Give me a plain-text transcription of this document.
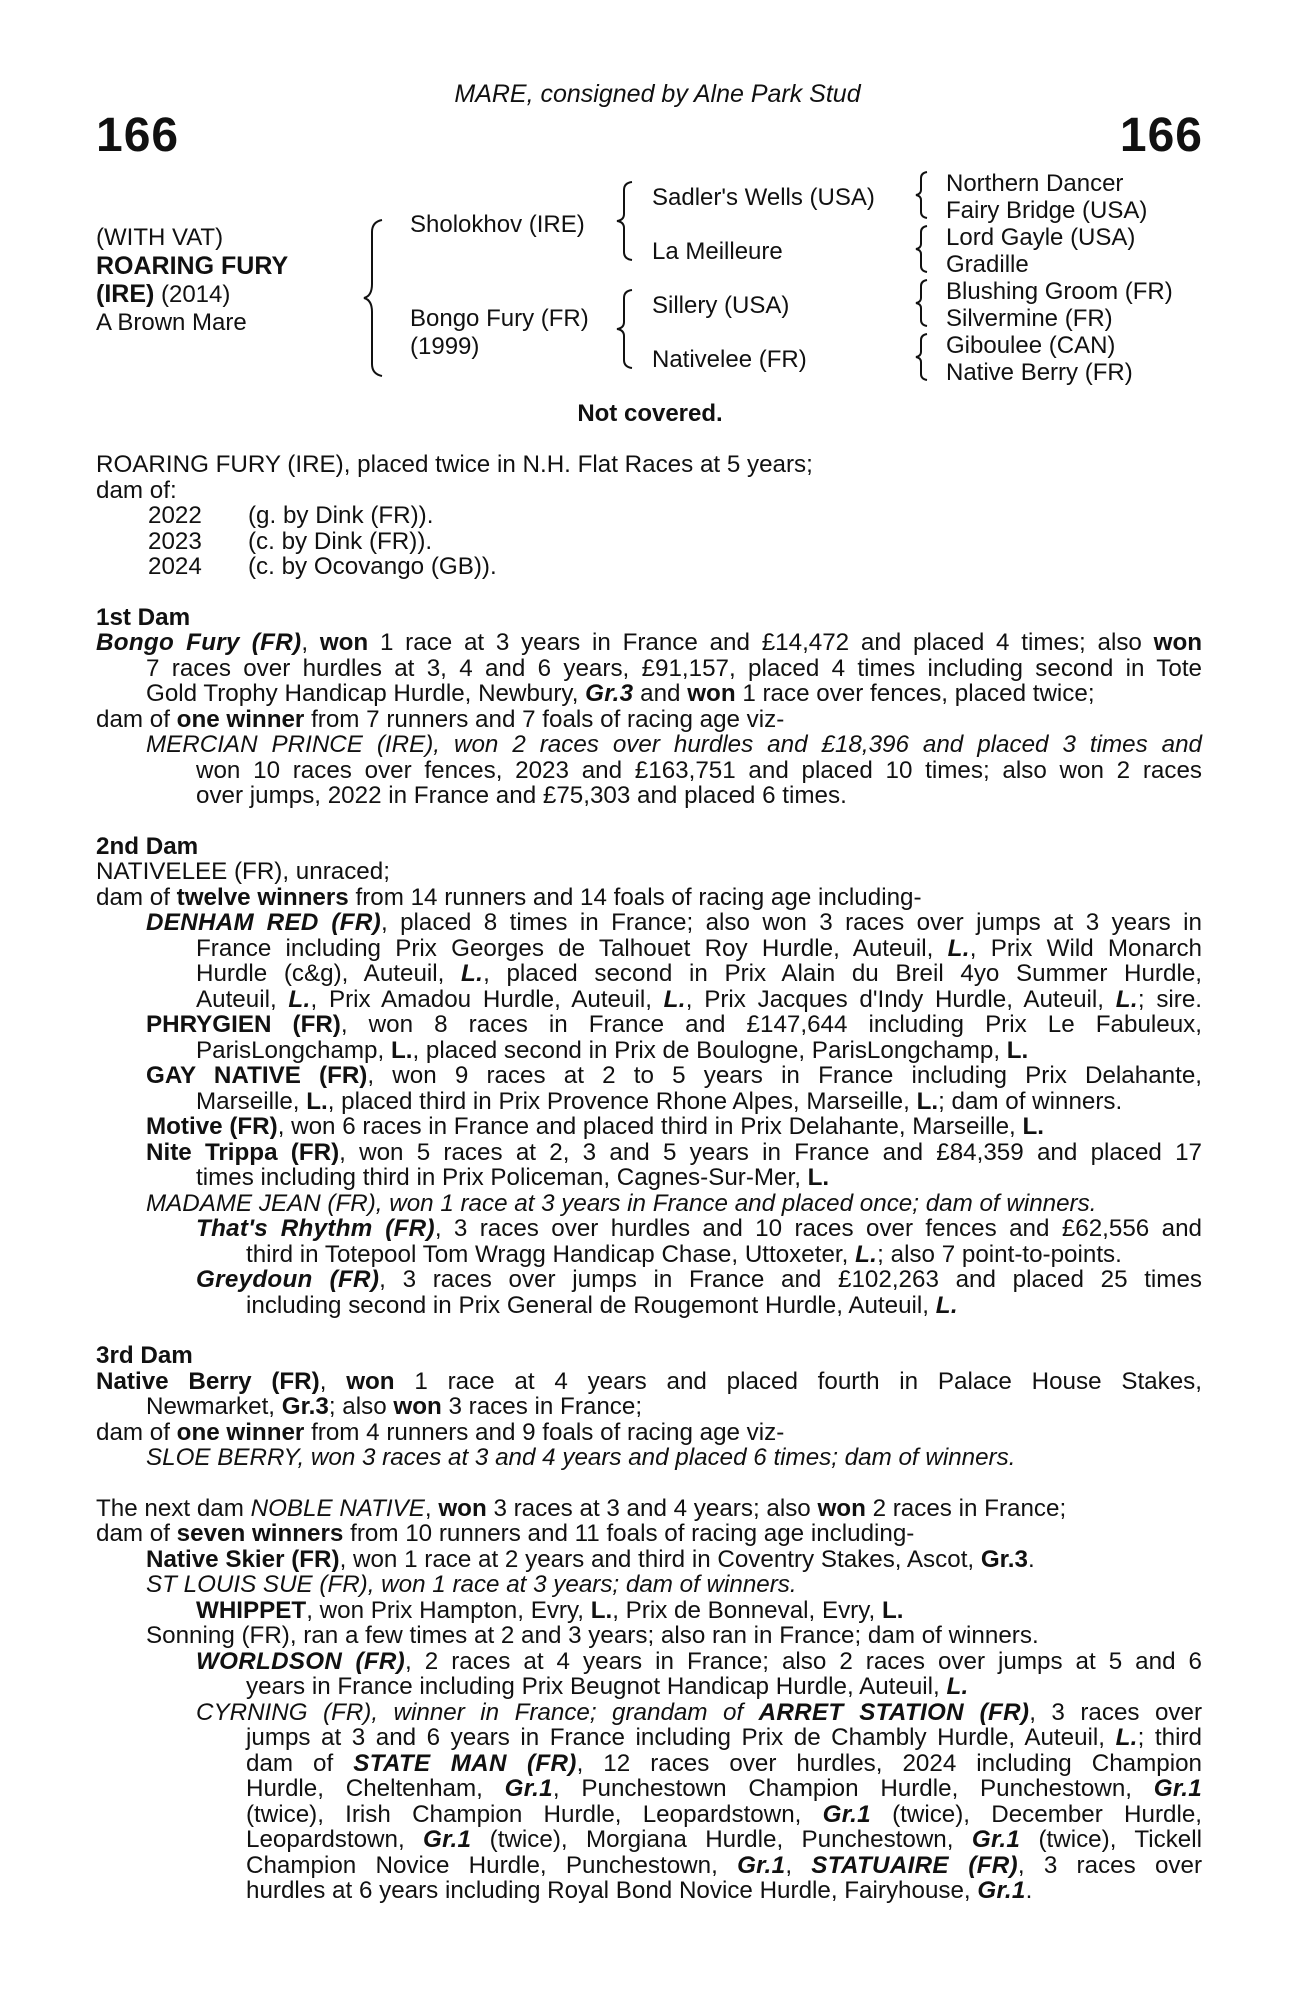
MARE, consigned by Alne Park Stud
166	166
(WITH VAT)
ROARING FURY
(IRE) (2014)
A Brown Mare
Sholokhov (IRE)
Bongo Fury (FR)
(1999)
Sadler's Wells (USA)
La Meilleure
Sillery (USA)
Nativelee (FR)
Northern Dancer
Fairy Bridge (USA)
Lord Gayle (USA)
Gradille
Blushing Groom (FR)
Silvermine (FR)
Giboulee (CAN)
Native Berry (FR)
Not covered.
ROARING FURY (IRE), placed twice in N.H. Flat Races at 5 years;
dam of:
2022 (g. by Dink (FR)).
2023 (c. by Dink (FR)).
2024 (c. by Ocovango (GB)).
1st Dam
Bongo Fury (FR), won 1 race at 3 years in France and £14,472 and placed 4 times; also won
7 races over hurdles at 3, 4 and 6 years, £91,157, placed 4 times including second in Tote
Gold Trophy Handicap Hurdle, Newbury, Gr.3 and won 1 race over fences, placed twice;
dam of one winner from 7 runners and 7 foals of racing age viz-
MERCIAN PRINCE (IRE), won 2 races over hurdles and £18,396 and placed 3 times and
won 10 races over fences, 2023 and £163,751 and placed 10 times; also won 2 races
over jumps, 2022 in France and £75,303 and placed 6 times.
2nd Dam
NATIVELEE (FR), unraced;
dam of twelve winners from 14 runners and 14 foals of racing age including-
DENHAM RED (FR), placed 8 times in France; also won 3 races over jumps at 3 years in
France including Prix Georges de Talhouet Roy Hurdle, Auteuil, L., Prix Wild Monarch
Hurdle (c&g), Auteuil, L., placed second in Prix Alain du Breil 4yo Summer Hurdle,
Auteuil, L., Prix Amadou Hurdle, Auteuil, L., Prix Jacques d'Indy Hurdle, Auteuil, L.; sire.
PHRYGIEN (FR), won 8 races in France and £147,644 including Prix Le Fabuleux,
ParisLongchamp, L., placed second in Prix de Boulogne, ParisLongchamp, L.
GAY NATIVE (FR), won 9 races at 2 to 5 years in France including Prix Delahante,
Marseille, L., placed third in Prix Provence Rhone Alpes, Marseille, L.; dam of winners.
Motive (FR), won 6 races in France and placed third in Prix Delahante, Marseille, L.
Nite Trippa (FR), won 5 races at 2, 3 and 5 years in France and £84,359 and placed 17
times including third in Prix Policeman, Cagnes-Sur-Mer, L.
MADAME JEAN (FR), won 1 race at 3 years in France and placed once; dam of winners.
That's Rhythm (FR), 3 races over hurdles and 10 races over fences and £62,556 and
third in Totepool Tom Wragg Handicap Chase, Uttoxeter, L.; also 7 point-to-points.
Greydoun (FR), 3 races over jumps in France and £102,263 and placed 25 times
including second in Prix General de Rougemont Hurdle, Auteuil, L.
3rd Dam
Native Berry (FR), won 1 race at 4 years and placed fourth in Palace House Stakes,
Newmarket, Gr.3; also won 3 races in France;
dam of one winner from 4 runners and 9 foals of racing age viz-
SLOE BERRY, won 3 races at 3 and 4 years and placed 6 times; dam of winners.
The next dam NOBLE NATIVE, won 3 races at 3 and 4 years; also won 2 races in France;
dam of seven winners from 10 runners and 11 foals of racing age including-
Native Skier (FR), won 1 race at 2 years and third in Coventry Stakes, Ascot, Gr.3.
ST LOUIS SUE (FR), won 1 race at 3 years; dam of winners.
WHIPPET, won Prix Hampton, Evry, L., Prix de Bonneval, Evry, L.
Sonning (FR), ran a few times at 2 and 3 years; also ran in France; dam of winners.
WORLDSON (FR), 2 races at 4 years in France; also 2 races over jumps at 5 and 6
years in France including Prix Beugnot Handicap Hurdle, Auteuil, L.
CYRNING (FR), winner in France; grandam of ARRET STATION (FR), 3 races over
jumps at 3 and 6 years in France including Prix de Chambly Hurdle, Auteuil, L.; third
dam of STATE MAN (FR), 12 races over hurdles, 2024 including Champion
Hurdle, Cheltenham, Gr.1, Punchestown Champion Hurdle, Punchestown, Gr.1
(twice), Irish Champion Hurdle, Leopardstown, Gr.1 (twice), December Hurdle,
Leopardstown, Gr.1 (twice), Morgiana Hurdle, Punchestown, Gr.1 (twice), Tickell
Champion Novice Hurdle, Punchestown, Gr.1, STATUAIRE (FR), 3 races over
hurdles at 6 years including Royal Bond Novice Hurdle, Fairyhouse, Gr.1.
